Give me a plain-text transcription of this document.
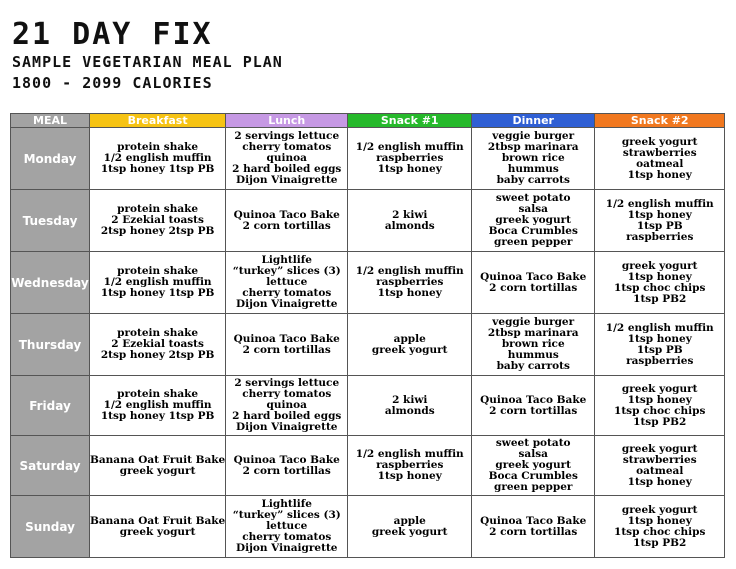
21 DAY FIX
SAMPLE VEGETARIAN MEAL PLAN
1800 - 2099 CALORIES
MEAL	Breakfast	Lunch	Snack #1	Dinner	Snack #2
Monday	protein shake
1/2 english muffin
1tsp honey 1tsp PB	2 servings lettuce
cherry tomatos
quinoa
2 hard boiled eggs
Dijon Vinaigrette	1/2 english muffin
raspberries
1tsp honey	veggie burger
2tbsp marinara
brown rice
hummus
baby carrots	greek yogurt
strawberries
oatmeal
1tsp honey

Tuesday	protein shake
2 Ezekial toasts
2tsp honey 2tsp PB	Quinoa Taco Bake
2 corn tortillas	2 kiwi
almonds	sweet potato
salsa
greek yogurt
Boca Crumbles
green pepper	1/2 english muffin
1tsp honey
1tsp PB
raspberries

Wednesday	protein shake
1/2 english muffin
1tsp honey 1tsp PB	Lightlife
“turkey” slices (3)
lettuce
cherry tomatos
Dijon Vinaigrette	1/2 english muffin
raspberries
1tsp honey	Quinoa Taco Bake
2 corn tortillas	greek yogurt
1tsp honey
1tsp choc chips
1tsp PB2

Thursday	protein shake
2 Ezekial toasts
2tsp honey 2tsp PB	Quinoa Taco Bake
2 corn tortillas	apple
greek yogurt	veggie burger
2tbsp marinara
brown rice
hummus
baby carrots	1/2 english muffin
1tsp honey
1tsp PB
raspberries

Friday	protein shake
1/2 english muffin
1tsp honey 1tsp PB	2 servings lettuce
cherry tomatos
quinoa
2 hard boiled eggs
Dijon Vinaigrette	2 kiwi
almonds	Quinoa Taco Bake
2 corn tortillas	greek yogurt
1tsp honey
1tsp choc chips
1tsp PB2

Saturday	Banana Oat Fruit Bake
greek yogurt	Quinoa Taco Bake
2 corn tortillas	1/2 english muffin
raspberries
1tsp honey	sweet potato
salsa
greek yogurt
Boca Crumbles
green pepper	greek yogurt
strawberries
oatmeal
1tsp honey

Sunday	Banana Oat Fruit Bake
greek yogurt	Lightlife
“turkey” slices (3)
lettuce
cherry tomatos
Dijon Vinaigrette	apple
greek yogurt	Quinoa Taco Bake
2 corn tortillas	greek yogurt
1tsp honey
1tsp choc chips
1tsp PB2
